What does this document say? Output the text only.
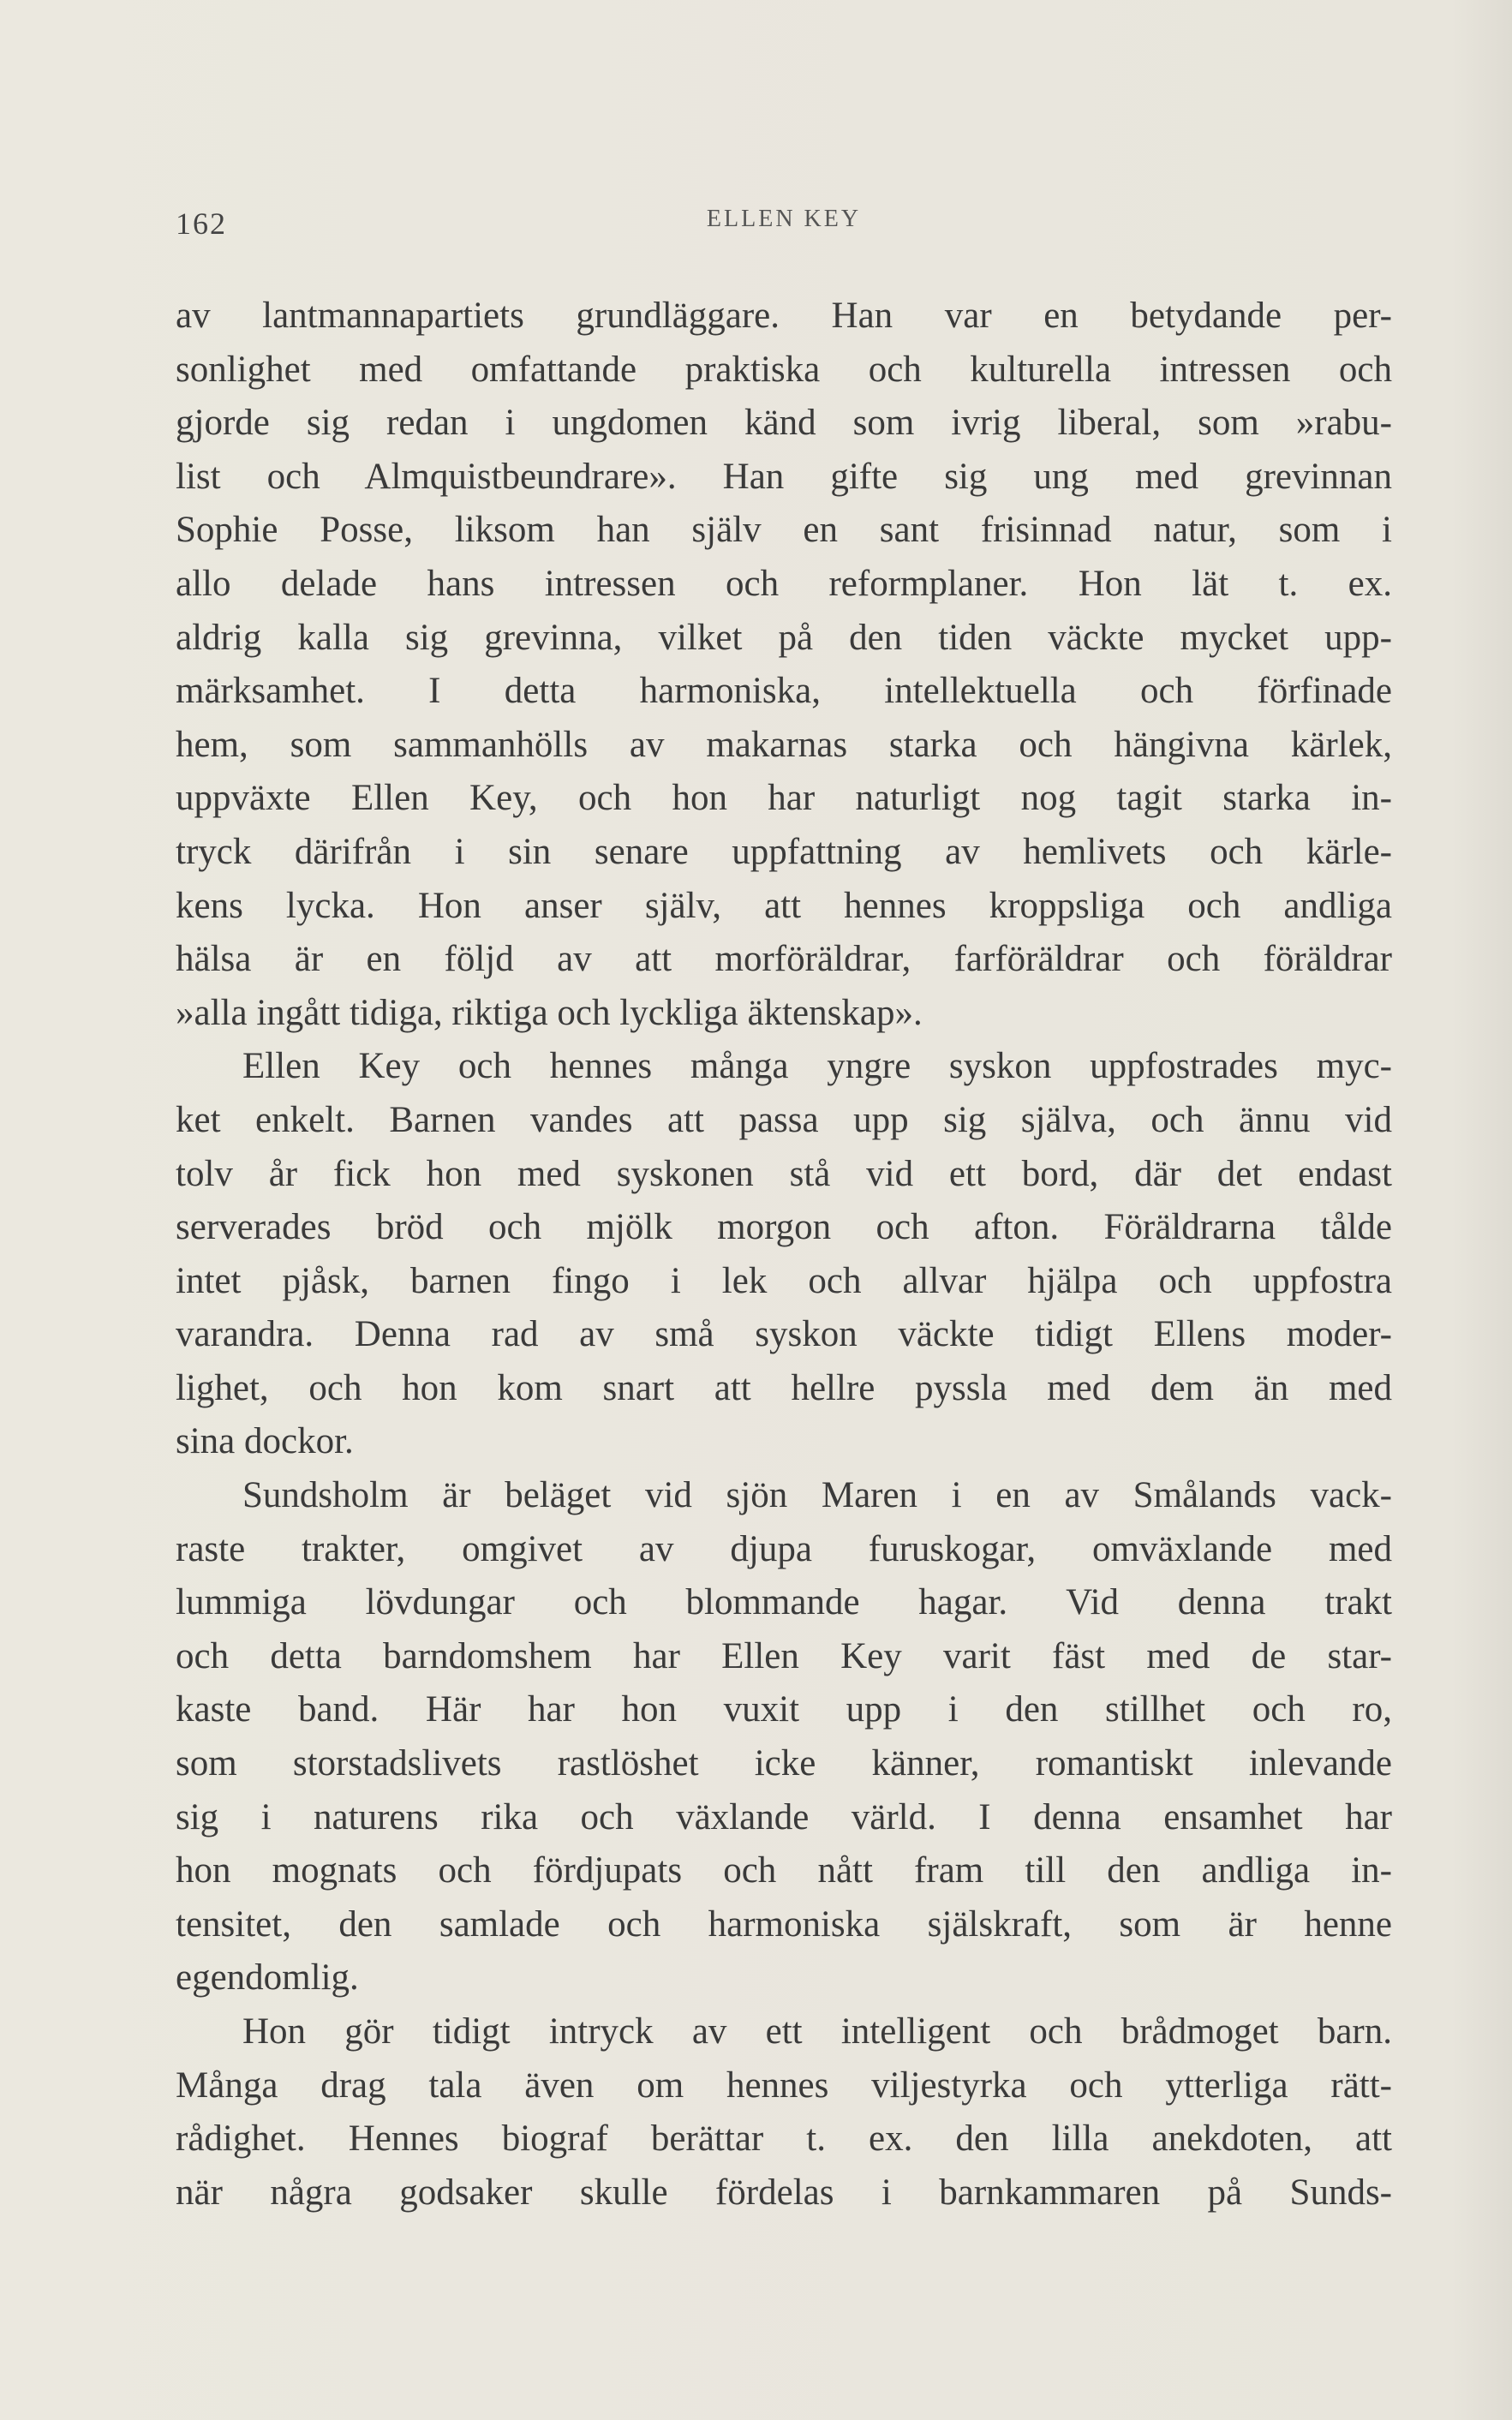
162	ELLEN KEY
av lantmannapartiets grundläggare. Han var en betydande per-
sonlighet med omfattande praktiska och kulturella intressen och
gjorde sig redan i ungdomen känd som ivrig liberal, som »rabu-
list och Almquistbeundrare». Han gifte sig ung med grevinnan
Sophie Posse, liksom han själv en sant frisinnad natur, som i
allo delade hans intressen och reformplaner. Hon lät t. ex.
aldrig kalla sig grevinna, vilket på den tiden väckte mycket upp-
märksamhet. I detta harmoniska, intellektuella och förfinade
hem, som sammanhölls av makarnas starka och hängivna kärlek,
uppväxte Ellen Key, och hon har naturligt nog tagit starka in-
tryck därifrån i sin senare uppfattning av hemlivets och kärle-
kens lycka. Hon anser själv, att hennes kroppsliga och andliga
hälsa är en följd av att morföräldrar, farföräldrar och föräldrar
»alla ingått tidiga, riktiga och lyckliga äktenskap».
Ellen Key och hennes många yngre syskon uppfostrades myc-
ket enkelt. Barnen vandes att passa upp sig själva, och ännu vid
tolv år fick hon med syskonen stå vid ett bord, där det endast
serverades bröd och mjölk morgon och afton. Föräldrarna tålde
intet pjåsk, barnen fingo i lek och allvar hjälpa och uppfostra
varandra. Denna rad av små syskon väckte tidigt Ellens moder-
lighet, och hon kom snart att hellre pyssla med dem än med
sina dockor.
Sundsholm är beläget vid sjön Maren i en av Smålands vack-
raste trakter, omgivet av djupa furuskogar, omväxlande med
lummiga lövdungar och blommande hagar. Vid denna trakt
och detta barndomshem har Ellen Key varit fäst med de star-
kaste band. Här har hon vuxit upp i den stillhet och ro,
som storstadslivets rastlöshet icke känner, romantiskt inlevande
sig i naturens rika och växlande värld. I denna ensamhet har
hon mognats och fördjupats och nått fram till den andliga in-
tensitet, den samlade och harmoniska själskraft, som är henne
egendomlig.
Hon gör tidigt intryck av ett intelligent och brådmoget barn.
Många drag tala även om hennes viljestyrka och ytterliga rätt-
rådighet. Hennes biograf berättar t. ex. den lilla anekdoten, att
när några godsaker skulle fördelas i barnkammaren på Sunds-
